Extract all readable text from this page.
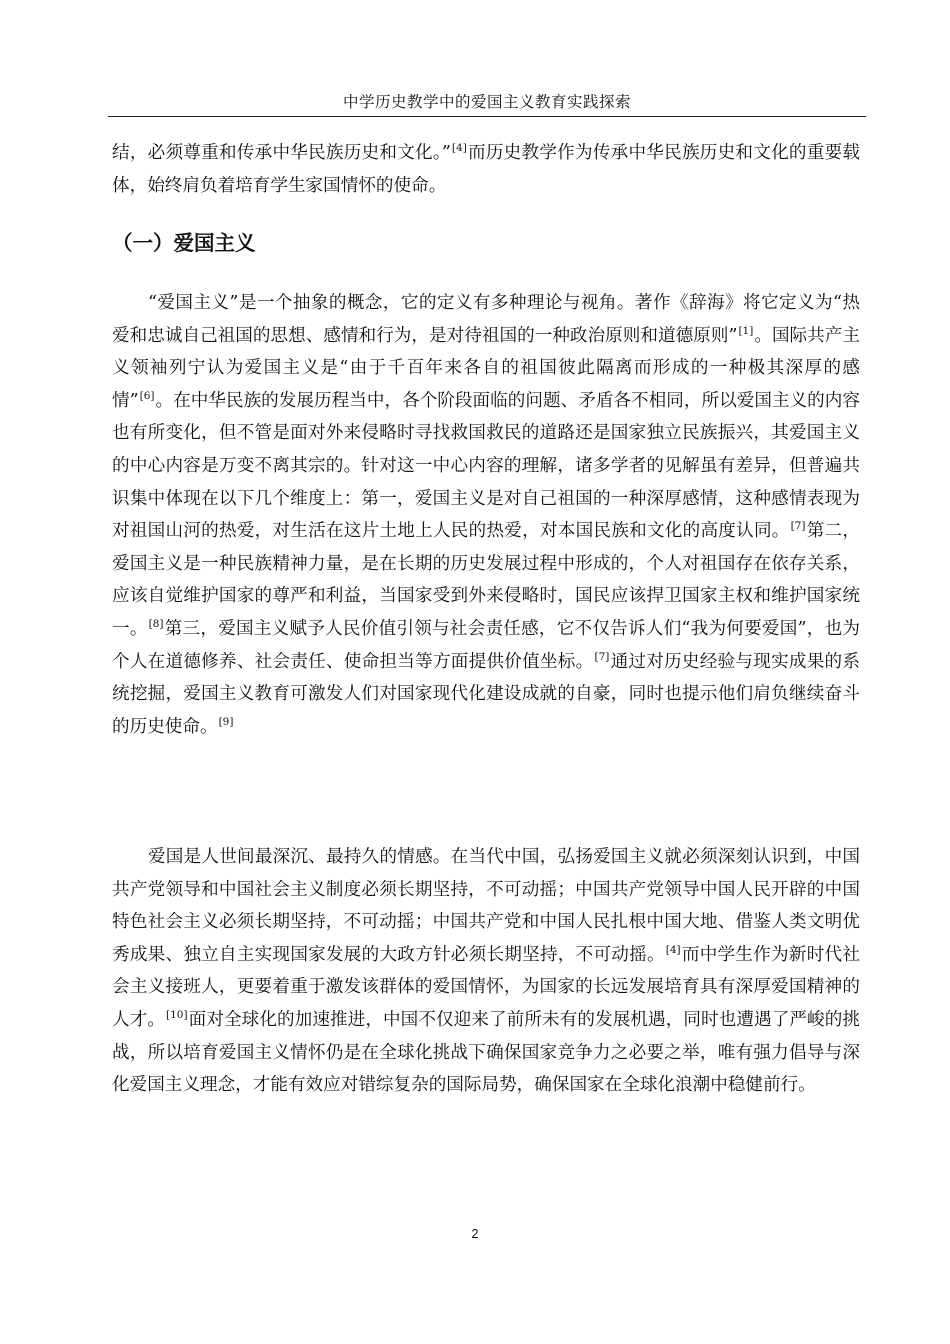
中学历史教学中的爱国主义教育实践探索

结，必须尊重和传承中华民族历史和文化。”[4]而历史教学作为传承中华民族历史和文化的重要载体，始终肩负着培育学生家国情怀的使命。

（一）爱国主义

“爱国主义”是一个抽象的概念，它的定义有多种理论与视角。著作《辞海》将它定义为“热爱和忠诚自己祖国的思想、感情和行为，是对待祖国的一种政治原则和道德原则”[1]。国际共产主义领袖列宁认为爱国主义是“由于千百年来各自的祖国彼此隔离而形成的一种极其深厚的感情”[6]。在中华民族的发展历程当中，各个阶段面临的问题、矛盾各不相同，所以爱国主义的内容也有所变化，但不管是面对外来侵略时寻找救国救民的道路还是国家独立民族振兴，其爱国主义的中心内容是万变不离其宗的。针对这一中心内容的理解，诸多学者的见解虽有差异，但普遍共识集中体现在以下几个维度上：第一，爱国主义是对自己祖国的一种深厚感情，这种感情表现为对祖国山河的热爱，对生活在这片土地上人民的热爱，对本国民族和文化的高度认同。[7]第二，爱国主义是一种民族精神力量，是在长期的历史发展过程中形成的，个人对祖国存在依存关系，应该自觉维护国家的尊严和利益，当国家受到外来侵略时，国民应该捍卫国家主权和维护国家统一。[8]第三，爱国主义赋予人民价值引领与社会责任感，它不仅告诉人们“我为何要爱国”，也为个人在道德修养、社会责任、使命担当等方面提供价值坐标。[7]通过对历史经验与现实成果的系统挖掘，爱国主义教育可激发人们对国家现代化建设成就的自豪，同时也提示他们肩负继续奋斗的历史使命。[9]

爱国是人世间最深沉、最持久的情感。在当代中国，弘扬爱国主义就必须深刻认识到，中国共产党领导和中国社会主义制度必须长期坚持，不可动摇；中国共产党领导中国人民开辟的中国特色社会主义必须长期坚持，不可动摇；中国共产党和中国人民扎根中国大地、借鉴人类文明优秀成果、独立自主实现国家发展的大政方针必须长期坚持，不可动摇。[4]而中学生作为新时代社会主义接班人，更要着重于激发该群体的爱国情怀，为国家的长远发展培育具有深厚爱国精神的人才。[10]面对全球化的加速推进，中国不仅迎来了前所未有的发展机遇，同时也遭遇了严峻的挑战，所以培育爱国主义情怀仍是在全球化挑战下确保国家竞争力之必要之举，唯有强力倡导与深化爱国主义理念，才能有效应对错综复杂的国际局势，确保国家在全球化浪潮中稳健前行。

2
